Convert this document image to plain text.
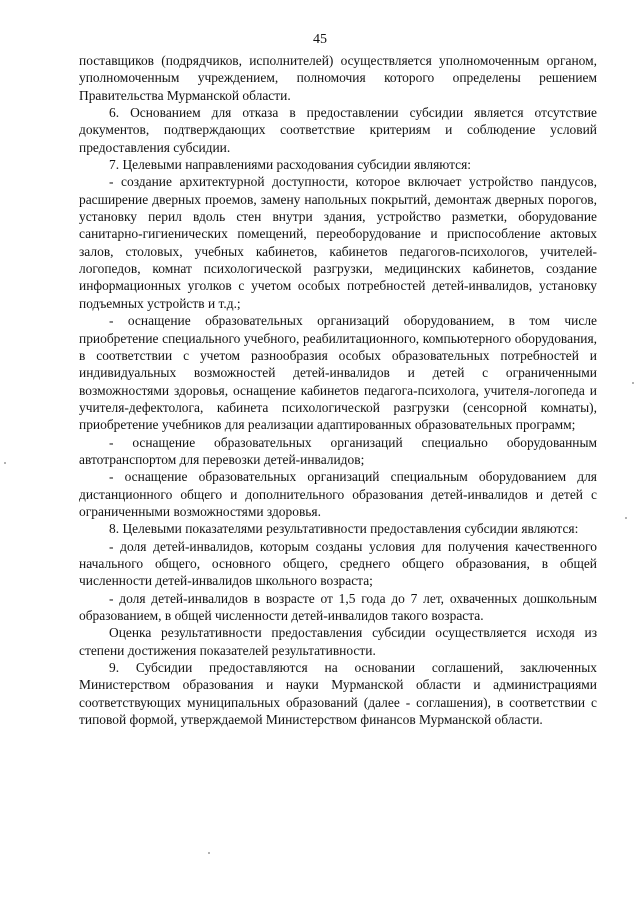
45

поставщиков (подрядчиков, исполнителей) осуществляется уполномоченным органом, уполномоченным учреждением, полномочия которого определены решением Правительства Мурманской области.

6. Основанием для отказа в предоставлении субсидии является отсутствие документов, подтверждающих соответствие критериям и соблюдение условий предоставления субсидии.

7. Целевыми направлениями расходования субсидии являются:

- создание архитектурной доступности, которое включает устройство пандусов, расширение дверных проемов, замену напольных покрытий, демонтаж дверных порогов, установку перил вдоль стен внутри здания, устройство разметки, оборудование санитарно-гигиенических помещений, переоборудование и приспособление актовых залов, столовых, учебных кабинетов, кабинетов педагогов-психологов, учителей-логопедов, комнат психологической разгрузки, медицинских кабинетов, создание информационных уголков с учетом особых потребностей детей-инвалидов, установку подъемных устройств и т.д.;

- оснащение образовательных организаций оборудованием, в том числе приобретение специального учебного, реабилитационного, компьютерного оборудования, в соответствии с учетом разнообразия особых образовательных потребностей и индивидуальных возможностей детей-инвалидов и детей с ограниченными возможностями здоровья, оснащение кабинетов педагога-психолога, учителя-логопеда и учителя-дефектолога, кабинета психологической разгрузки (сенсорной комнаты), приобретение учебников для реализации адаптированных образовательных программ;

- оснащение образовательных организаций специально оборудованным автотранспортом для перевозки детей-инвалидов;

- оснащение образовательных организаций специальным оборудованием для дистанционного общего и дополнительного образования детей-инвалидов и детей с ограниченными возможностями здоровья.

8. Целевыми показателями результативности предоставления субсидии являются:

- доля детей-инвалидов, которым созданы условия для получения качественного начального общего, основного общего, среднего общего образования, в общей численности детей-инвалидов школьного возраста;

- доля детей-инвалидов в возрасте от 1,5 года до 7 лет, охваченных дошкольным образованием, в общей численности детей-инвалидов такого возраста.

Оценка результативности предоставления субсидии осуществляется исходя из степени достижения показателей результативности.

9. Субсидии предоставляются на основании соглашений, заключенных Министерством образования и науки Мурманской области и администрациями соответствующих муниципальных образований (далее - соглашения), в соответствии с типовой формой, утверждаемой Министерством финансов Мурманской области.
